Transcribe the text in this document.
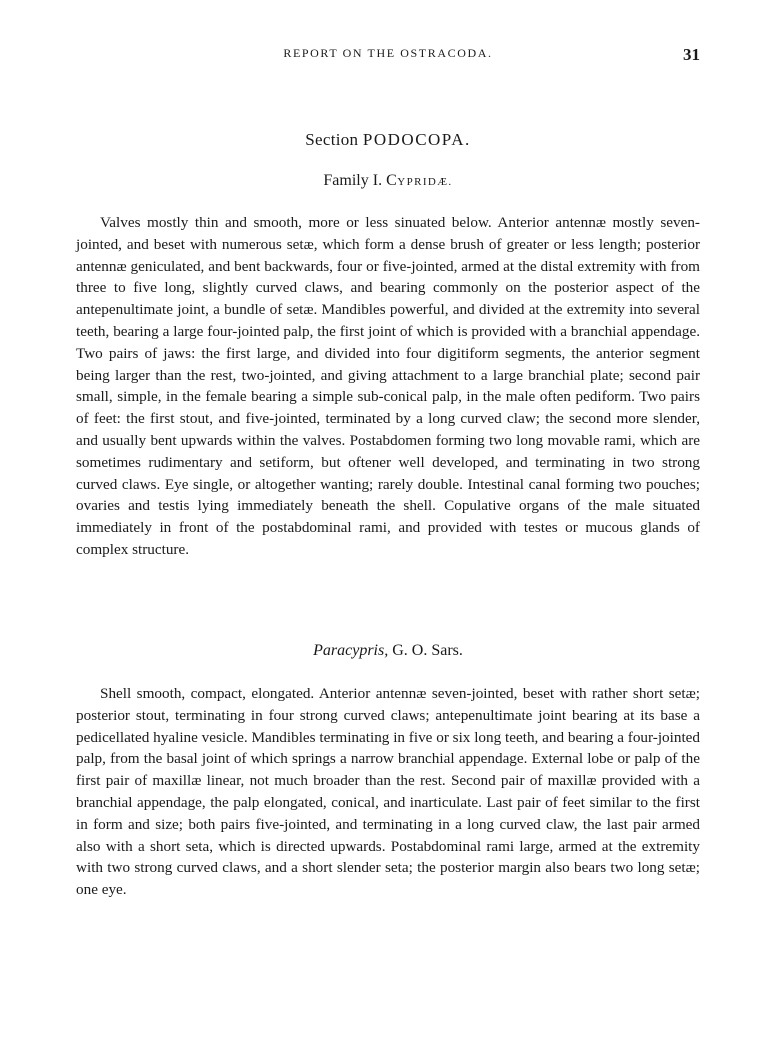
REPORT ON THE OSTRACODA.	31
Section PODOCOPA.
Family I. CYPRIDÆ.

Valves mostly thin and smooth, more or less sinuated below. Anterior antennæ mostly seven-jointed, and beset with numerous setæ, which form a dense brush of greater or less length; posterior antennæ geniculated, and bent backwards, four or five-jointed, armed at the distal extremity with from three to five long, slightly curved claws, and bearing commonly on the posterior aspect of the antepenultimate joint, a bundle of setæ. Mandibles powerful, and divided at the extremity into several teeth, bearing a large four-jointed palp, the first joint of which is provided with a branchial appendage. Two pairs of jaws: the first large, and divided into four digitiform segments, the anterior segment being larger than the rest, two-jointed, and giving attachment to a large branchial plate; second pair small, simple, in the female bearing a simple sub-conical palp, in the male often pediform. Two pairs of feet: the first stout, and five-jointed, terminated by a long curved claw; the second more slender, and usually bent upwards within the valves. Postabdomen forming two long movable rami, which are sometimes rudimentary and setiform, but oftener well developed, and terminating in two strong curved claws. Eye single, or altogether wanting; rarely double. Intestinal canal forming two pouches; ovaries and testis lying immediately beneath the shell. Copulative organs of the male situated immediately in front of the postabdominal rami, and provided with testes or mucous glands of complex structure.

Paracypris, G. O. Sars.

Shell smooth, compact, elongated. Anterior antennæ seven-jointed, beset with rather short setæ; posterior stout, terminating in four strong curved claws; antepenultimate joint bearing at its base a pedicellated hyaline vesicle. Mandibles terminating in five or six long teeth, and bearing a four-jointed palp, from the basal joint of which springs a narrow branchial appendage. External lobe or palp of the first pair of maxillæ linear, not much broader than the rest. Second pair of maxillæ provided with a branchial appendage, the palp elongated, conical, and inarticulate. Last pair of feet similar to the first in form and size; both pairs five-jointed, and terminating in a long curved claw, the last pair armed also with a short seta, which is directed upwards. Postabdominal rami large, armed at the extremity with two strong curved claws, and a short slender seta; the posterior margin also bears two long setæ; one eye.
